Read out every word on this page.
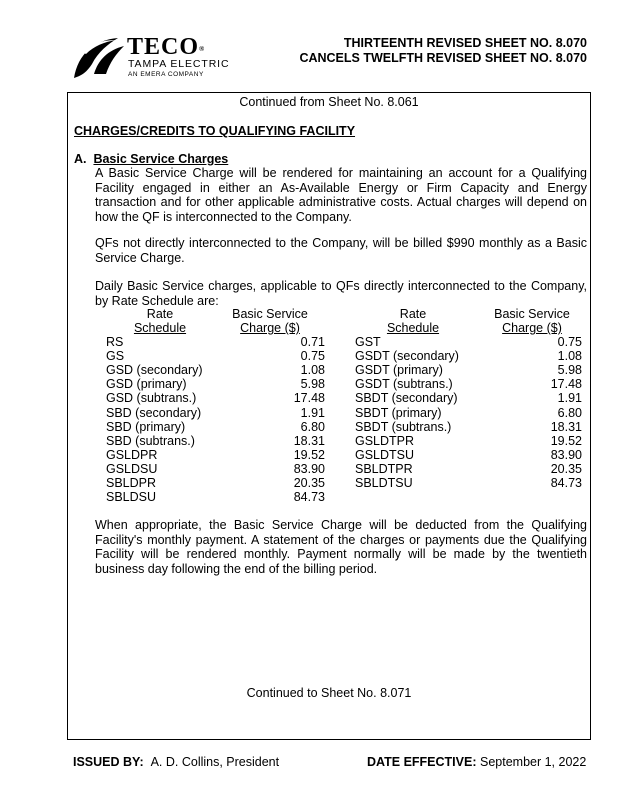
TECO®
TAMPA ELECTRIC
AN EMERA COMPANY
THIRTEENTH REVISED SHEET NO. 8.070
CANCELS TWELFTH REVISED SHEET NO. 8.070
Continued from Sheet No. 8.061
CHARGES/CREDITS TO QUALIFYING FACILITY
A. Basic Service Charges
A Basic Service Charge will be rendered for maintaining an account for a Qualifying Facility engaged in either an As-Available Energy or Firm Capacity and Energy transaction and for other applicable administrative costs. Actual charges will depend on how the QF is interconnected to the Company.
QFs not directly interconnected to the Company, will be billed $990 monthly as a Basic Service Charge.
Daily Basic Service charges, applicable to QFs directly interconnected to the Company, by Rate Schedule are:
Rate
Schedule
Basic Service
Charge ($)
Rate
Schedule
Basic Service
Charge ($)
RS	0.71
GS	0.75
GSD (secondary)	1.08
GSD (primary)	5.98
GSD (subtrans.)	17.48
SBD (secondary)	1.91
SBD (primary)	6.80
SBD (subtrans.)	18.31
GSLDPR	19.52
GSLDSU	83.90
SBLDPR	20.35
SBLDSU	84.73
GST	0.75
GSDT (secondary)	1.08
GSDT (primary)	5.98
GSDT (subtrans.)	17.48
SBDT (secondary)	1.91
SBDT (primary)	6.80
SBDT (subtrans.)	18.31
GSLDTPR	19.52
GSLDTSU	83.90
SBLDTPR	20.35
SBLDTSU	84.73
When appropriate, the Basic Service Charge will be deducted from the Qualifying Facility's monthly payment. A statement of the charges or payments due the Qualifying Facility will be rendered monthly. Payment normally will be made by the twentieth business day following the end of the billing period.
Continued to Sheet No. 8.071
ISSUED BY: A. D. Collins, President	DATE EFFECTIVE: September 1, 2022
